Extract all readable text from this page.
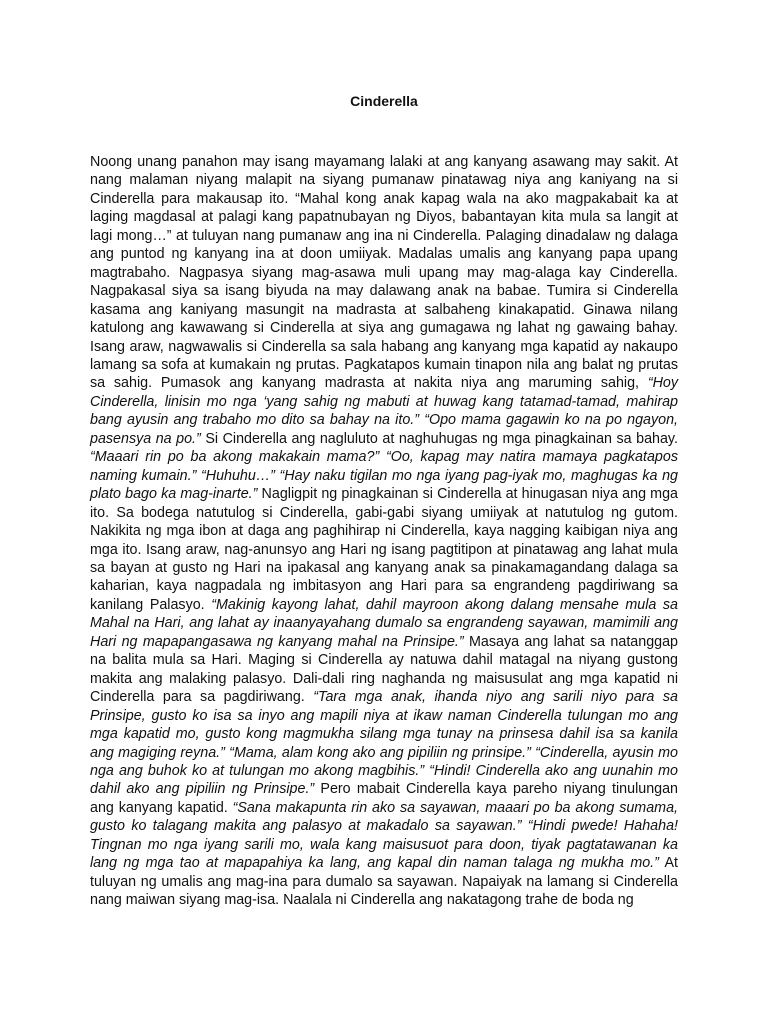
Cinderella

Noong unang panahon may isang mayamang lalaki at ang kanyang asawang may sakit. At nang malaman niyang malapit na siyang pumanaw pinatawag niya ang kaniyang na si Cinderella para makausap ito. “Mahal kong anak kapag wala na ako magpakabait ka at laging magdasal at palagi kang papatnubayan ng Diyos, babantayan kita mula sa langit at lagi mong…” at tuluyan nang pumanaw ang ina ni Cinderella. Palaging dinadalaw ng dalaga ang puntod ng kanyang ina at doon umiiyak. Madalas umalis ang kanyang papa upang magtrabaho. Nagpasya siyang mag-asawa muli upang may mag-alaga kay Cinderella. Nagpakasal siya sa isang biyuda na may dalawang anak na babae. Tumira si Cinderella kasama ang kaniyang masungit na madrasta at salbaheng kinakapatid. Ginawa nilang katulong ang kawawang si Cinderella at siya ang gumagawa ng lahat ng gawaing bahay. Isang araw, nagwawalis si Cinderella sa sala habang ang kanyang mga kapatid ay nakaupo lamang sa sofa at kumakain ng prutas. Pagkatapos kumain tinapon nila ang balat ng prutas sa sahig. Pumasok ang kanyang madrasta at nakita niya ang maruming sahig, “Hoy Cinderella, linisin mo nga ‘yang sahig ng mabuti at huwag kang tatamad-tamad, mahirap bang ayusin ang trabaho mo dito sa bahay na ito.” “Opo mama gagawin ko na po ngayon, pasensya na po.” Si Cinderella ang nagluluto at naghuhugas ng mga pinagkainan sa bahay. “Maaari rin po ba akong makakain mama?” “Oo, kapag may natira mamaya pagkatapos naming kumain.” “Huhuhu…” “Hay naku tigilan mo nga iyang pag-iyak mo, maghugas ka ng plato bago ka mag-inarte.” Nagligpit ng pinagkainan si Cinderella at hinugasan niya ang mga ito. Sa bodega natutulog si Cinderella, gabi-gabi siyang umiiyak at natutulog ng gutom. Nakikita ng mga ibon at daga ang paghihirap ni Cinderella, kaya nagging kaibigan niya ang mga ito. Isang araw, nag-anunsyo ang Hari ng isang pagtitipon at pinatawag ang lahat mula sa bayan at gusto ng Hari na ipakasal ang kanyang anak sa pinakamagandang dalaga sa kaharian, kaya nagpadala ng imbitasyon ang Hari para sa engrandeng pagdiriwang sa kanilang Palasyo. “Makinig kayong lahat, dahil mayroon akong dalang mensahe mula sa Mahal na Hari, ang lahat ay inaanyayahang dumalo sa engrandeng sayawan, mamimili ang Hari ng mapapangasawa ng kanyang mahal na Prinsipe.” Masaya ang lahat sa natanggap na balita mula sa Hari. Maging si Cinderella ay natuwa dahil matagal na niyang gustong makita ang malaking palasyo. Dali-dali ring naghanda ng maisusulat ang mga kapatid ni Cinderella para sa pagdiriwang. “Tara mga anak, ihanda niyo ang sarili niyo para sa Prinsipe, gusto ko isa sa inyo ang mapili niya at ikaw naman Cinderella tulungan mo ang mga kapatid mo, gusto kong magmukha silang mga tunay na prinsesa dahil isa sa kanila ang magiging reyna.” “Mama, alam kong ako ang pipiliin ng prinsipe.” “Cinderella, ayusin mo nga ang buhok ko at tulungan mo akong magbihis.” “Hindi! Cinderella ako ang uunahin mo dahil ako ang pipiliin ng Prinsipe.” Pero mabait Cinderella kaya pareho niyang tinulungan ang kanyang kapatid. “Sana makapunta rin ako sa sayawan, maaari po ba akong sumama, gusto ko talagang makita ang palasyo at makadalo sa sayawan.” “Hindi pwede! Hahaha! Tingnan mo nga iyang sarili mo, wala kang maisusuot para doon, tiyak pagtatawanan ka lang ng mga tao at mapapahiya ka lang, ang kapal din naman talaga ng mukha mo.” At tuluyan ng umalis ang mag-ina para dumalo sa sayawan. Napaiyak na lamang si Cinderella nang maiwan siyang mag-isa. Naalala ni Cinderella ang nakatagong trahe de boda ng
